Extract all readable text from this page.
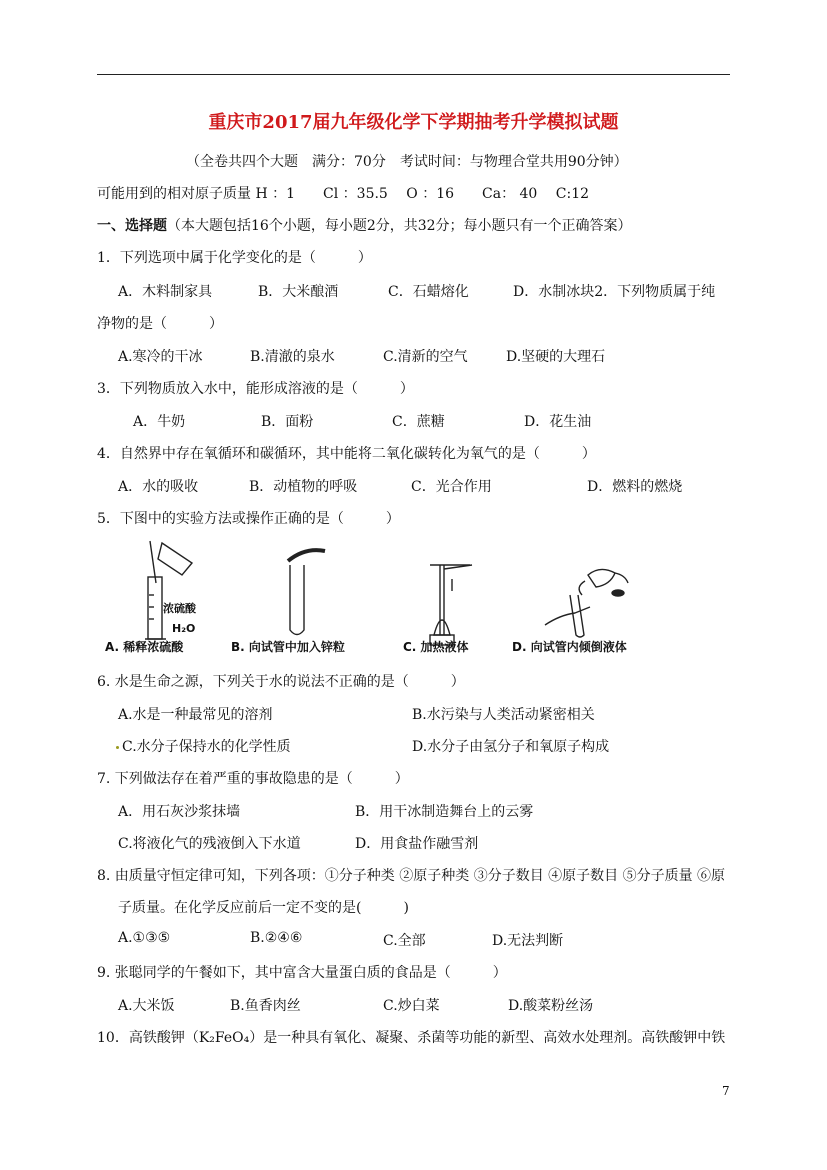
重庆市2017届九年级化学下学期抽考升学模拟试题
（全卷共四个大题　满分：70分　考试时间：与物理合堂共用90分钟）
可能用到的相对原子质量 H ：1　　Cl ：35.5　 O ：16　　Ca： 40　 C:12
一、选择题（本大题包括16个小题，每小题2分，共32分；每小题只有一个正确答案）
1．下列选项中属于化学变化的是（　　　）
A．木料制家具	B．大米酿酒	C．石蜡熔化	D．水制冰块2．下列物质属于纯
净物的是（　　　）
A.寒冷的干冰	B.清澈的泉水	C.清新的空气	D.坚硬的大理石
3．下列物质放入水中，能形成溶液的是（　　　）
A．牛奶	B．面粉	C．蔗糖	D．花生油
4．自然界中存在氧循环和碳循环，其中能将二氧化碳转化为氧气的是（　　　）
A．水的吸收	B．动植物的呼吸	C．光合作用	D．燃料的燃烧
5．下图中的实验方法或操作正确的是（　　　）
浓硫酸
H₂O
A. 稀释浓硫酸	B. 向试管中加入锌粒	C. 加热液体	D. 向试管内倾倒液体
6. 水是生命之源，下列关于水的说法不正确的是（　　　）
A.水是一种最常见的溶剂	B.水污染与人类活动紧密相关
C.水分子保持水的化学性质	D.水分子由氢分子和氧原子构成
7. 下列做法存在着严重的事故隐患的是（　　　）
A．用石灰沙浆抹墙	B．用干冰制造舞台上的云雾
C.将液化气的残液倒入下水道	D．用食盐作融雪剂
8. 由质量守恒定律可知，下列各项：①分子种类 ②原子种类 ③分子数目 ④原子数目 ⑤分子质量 ⑥原
子质量。在化学反应前后一定不变的是(　　　)
A.①③⑤	B.②④⑥	C.全部	D.无法判断
9. 张聪同学的午餐如下，其中富含大量蛋白质的食品是（　　　）
A.大米饭	B.鱼香肉丝	C.炒白菜	D.酸菜粉丝汤
10．高铁酸钾（K₂FeO₄）是一种具有氧化、凝聚、杀菌等功能的新型、高效水处理剂。高铁酸钾中铁
7
